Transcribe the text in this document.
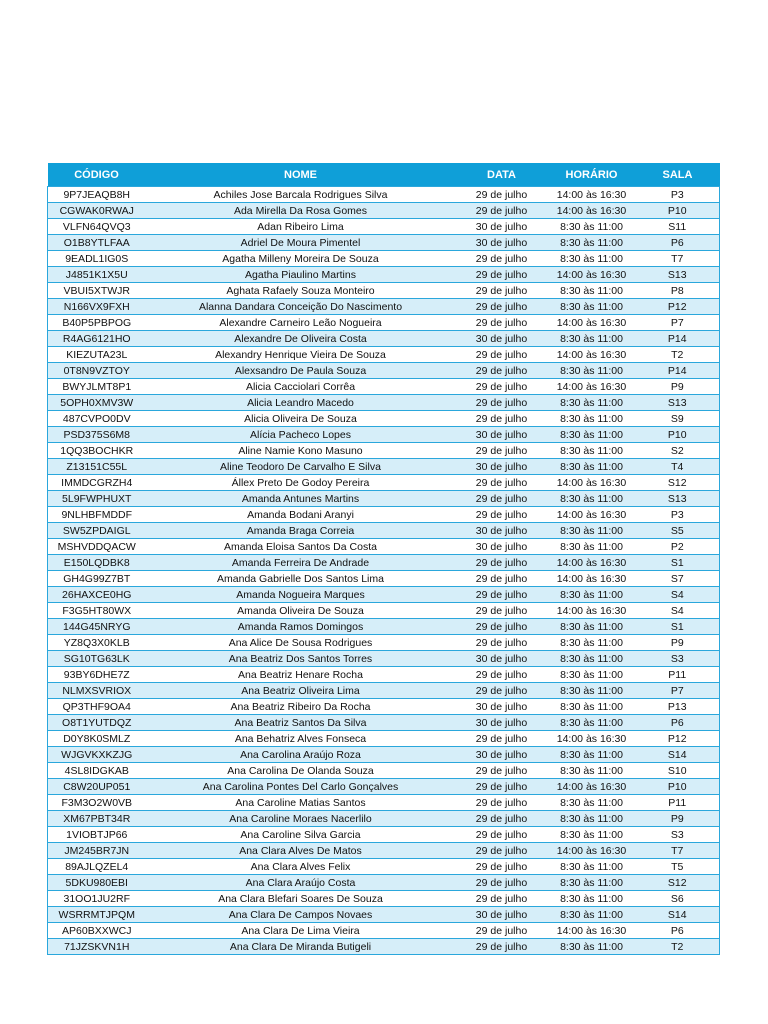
CÓDIGO	NOME	DATA	HORÁRIO	SALA
9P7JEAQB8H	Achiles Jose Barcala Rodrigues Silva	29 de julho	14:00 às 16:30	P3
CGWAK0RWAJ	Ada Mirella Da Rosa Gomes	29 de julho	14:00 às 16:30	P10
VLFN64QVQ3	Adan Ribeiro Lima	30 de julho	8:30 às 11:00	S11
O1B8YTLFAA	Adriel De Moura Pimentel	30 de julho	8:30 às 11:00	P6
9EADL1IG0S	Agatha Milleny Moreira De Souza	29 de julho	8:30 às 11:00	T7
J4851K1X5U	Agatha Piaulino Martins	29 de julho	14:00 às 16:30	S13
VBUI5XTWJR	Aghata Rafaely Souza Monteiro	29 de julho	8:30 às 11:00	P8
N166VX9FXH	Alanna Dandara Conceição Do Nascimento	29 de julho	8:30 às 11:00	P12
B40P5PBPOG	Alexandre Carneiro Leão Nogueira	29 de julho	14:00 às 16:30	P7
R4AG6121HO	Alexandre De Oliveira Costa	30 de julho	8:30 às 11:00	P14
KIEZUTA23L	Alexandry Henrique Vieira De Souza	29 de julho	14:00 às 16:30	T2
0T8N9VZTOY	Alexsandro De Paula Souza	29 de julho	8:30 às 11:00	P14
BWYJLMT8P1	Alicia Cacciolari Corrêa	29 de julho	14:00 às 16:30	P9
5OPH0XMV3W	Alicia Leandro Macedo	29 de julho	8:30 às 11:00	S13
487CVPO0DV	Alicia Oliveira De Souza	29 de julho	8:30 às 11:00	S9
PSD375S6M8	Alícia Pacheco Lopes	30 de julho	8:30 às 11:00	P10
1QQ3BOCHKR	Aline Namie Kono Masuno	29 de julho	8:30 às 11:00	S2
Z13151C55L	Aline Teodoro De Carvalho E Silva	30 de julho	8:30 às 11:00	T4
IMMDCGRZH4	Állex Preto De Godoy Pereira	29 de julho	14:00 às 16:30	S12
5L9FWPHUXT	Amanda Antunes Martins	29 de julho	8:30 às 11:00	S13
9NLHBFMDDF	Amanda Bodani Aranyi	29 de julho	14:00 às 16:30	P3
SW5ZPDAIGL	Amanda Braga Correia	30 de julho	8:30 às 11:00	S5
MSHVDDQACW	Amanda Eloisa Santos Da Costa	30 de julho	8:30 às 11:00	P2
E150LQDBK8	Amanda Ferreira De Andrade	29 de julho	14:00 às 16:30	S1
GH4G99Z7BT	Amanda Gabrielle Dos Santos Lima	29 de julho	14:00 às 16:30	S7
26HAXCE0HG	Amanda Nogueira Marques	29 de julho	8:30 às 11:00	S4
F3G5HT80WX	Amanda Oliveira De Souza	29 de julho	14:00 às 16:30	S4
144G45NRYG	Amanda Ramos Domingos	29 de julho	8:30 às 11:00	S1
YZ8Q3X0KLB	Ana Alice De Sousa Rodrigues	29 de julho	8:30 às 11:00	P9
SG10TG63LK	Ana Beatriz Dos Santos Torres	30 de julho	8:30 às 11:00	S3
93BY6DHE7Z	Ana Beatriz Henare Rocha	29 de julho	8:30 às 11:00	P11
NLMXSVRIOX	Ana Beatriz Oliveira Lima	29 de julho	8:30 às 11:00	P7
QP3THF9OA4	Ana Beatriz Ribeiro Da Rocha	30 de julho	8:30 às 11:00	P13
O8T1YUTDQZ	Ana Beatriz Santos Da Silva	30 de julho	8:30 às 11:00	P6
D0Y8K0SMLZ	Ana Behatriz Alves Fonseca	29 de julho	14:00 às 16:30	P12
WJGVKXKZJG	Ana Carolina Araújo Roza	30 de julho	8:30 às 11:00	S14
4SL8IDGKAB	Ana Carolina De Olanda Souza	29 de julho	8:30 às 11:00	S10
C8W20UP051	Ana Carolina Pontes Del Carlo Gonçalves	29 de julho	14:00 às 16:30	P10
F3M3O2W0VB	Ana Caroline Matias Santos	29 de julho	8:30 às 11:00	P11
XM67PBT34R	Ana Caroline Moraes Nacerlilo	29 de julho	8:30 às 11:00	P9
1VIOBTJP66	Ana Caroline Silva Garcia	29 de julho	8:30 às 11:00	S3
JM245BR7JN	Ana Clara Alves De Matos	29 de julho	14:00 às 16:30	T7
89AJLQZEL4	Ana Clara Alves Felix	29 de julho	8:30 às 11:00	T5
5DKU980EBI	Ana Clara Araújo Costa	29 de julho	8:30 às 11:00	S12
31OO1JU2RF	Ana Clara Blefari Soares De Souza	29 de julho	8:30 às 11:00	S6
WSRRMTJPQM	Ana Clara De Campos Novaes	30 de julho	8:30 às 11:00	S14
AP60BXXWCJ	Ana Clara De Lima Vieira	29 de julho	14:00 às 16:30	P6
71JZSKVN1H	Ana Clara De Miranda Butigeli	29 de julho	8:30 às 11:00	T2
